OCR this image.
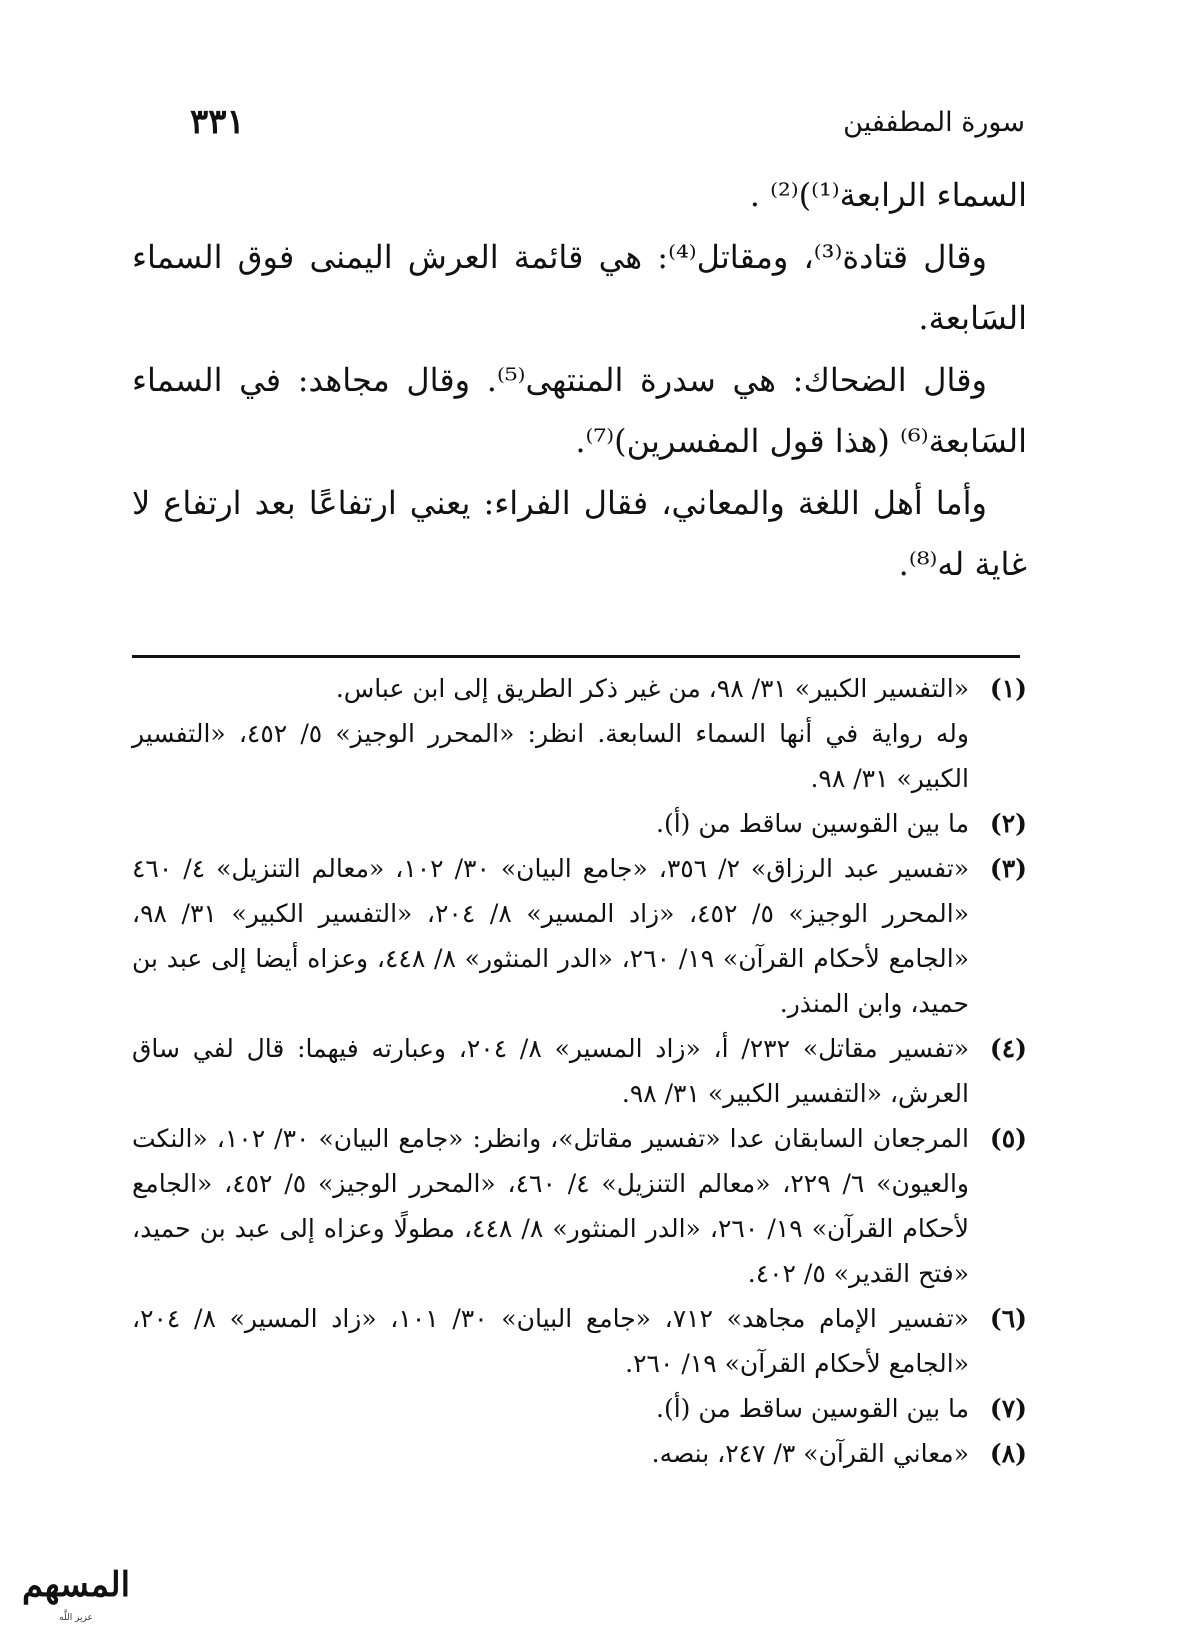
سورة المطففين
٣٣١

السماء الرابعة⁽¹⁾)⁽²⁾ .

وقال قتادة⁽³⁾، ومقاتل⁽⁴⁾: هي قائمة العرش اليمنى فوق السماء السَابعة.

وقال الضحاك: هي سدرة المنتهى⁽⁵⁾. وقال مجاهد: في السماء السَابعة⁽⁶⁾ (هذا قول المفسرين)⁽⁷⁾.

وأما أهل اللغة والمعاني، فقال الفراء: يعني ارتفاعًا بعد ارتفاع لا غاية له⁽⁸⁾.

(١)
«التفسير الكبير» ٣١/ ٩٨، من غير ذكر الطريق إلى ابن عباس.
وله رواية في أنها السماء السابعة. انظر: «المحرر الوجيز» ٥/ ٤٥٢، «التفسير الكبير» ٣١/ ٩٨.
(٢)
ما بين القوسين ساقط من (أ).
(٣)
«تفسير عبد الرزاق» ٢/ ٣٥٦، «جامع البيان» ٣٠/ ١٠٢، «معالم التنزيل» ٤/ ٤٦٠ «المحرر الوجيز» ٥/ ٤٥٢، «زاد المسير» ٨/ ٢٠٤، «التفسير الكبير» ٣١/ ٩٨، «الجامع لأحكام القرآن» ١٩/ ٢٦٠، «الدر المنثور» ٨/ ٤٤٨، وعزاه أيضا إلى عبد بن حميد، وابن المنذر.
(٤)
«تفسير مقاتل» ٢٣٢/ أ، «زاد المسير» ٨/ ٢٠٤، وعبارته فيهما: قال لفي ساق العرش، «التفسير الكبير» ٣١/ ٩٨.
(٥)
المرجعان السابقان عدا «تفسير مقاتل»، وانظر: «جامع البيان» ٣٠/ ١٠٢، «النكت والعيون» ٦/ ٢٢٩، «معالم التنزيل» ٤/ ٤٦٠، «المحرر الوجيز» ٥/ ٤٥٢، «الجامع لأحكام القرآن» ١٩/ ٢٦٠، «الدر المنثور» ٨/ ٤٤٨، مطولًا وعزاه إلى عبد بن حميد، «فتح القدير» ٥/ ٤٠٢.
(٦)
«تفسير الإمام مجاهد» ٧١٢، «جامع البيان» ٣٠/ ١٠١، «زاد المسير» ٨/ ٢٠٤، «الجامع لأحكام القرآن» ١٩/ ٢٦٠.
(٧)
ما بين القوسين ساقط من (أ).
(٨)
«معاني القرآن» ٣/ ٢٤٧، بنصه.
المسهم
عزيز اللَّه
